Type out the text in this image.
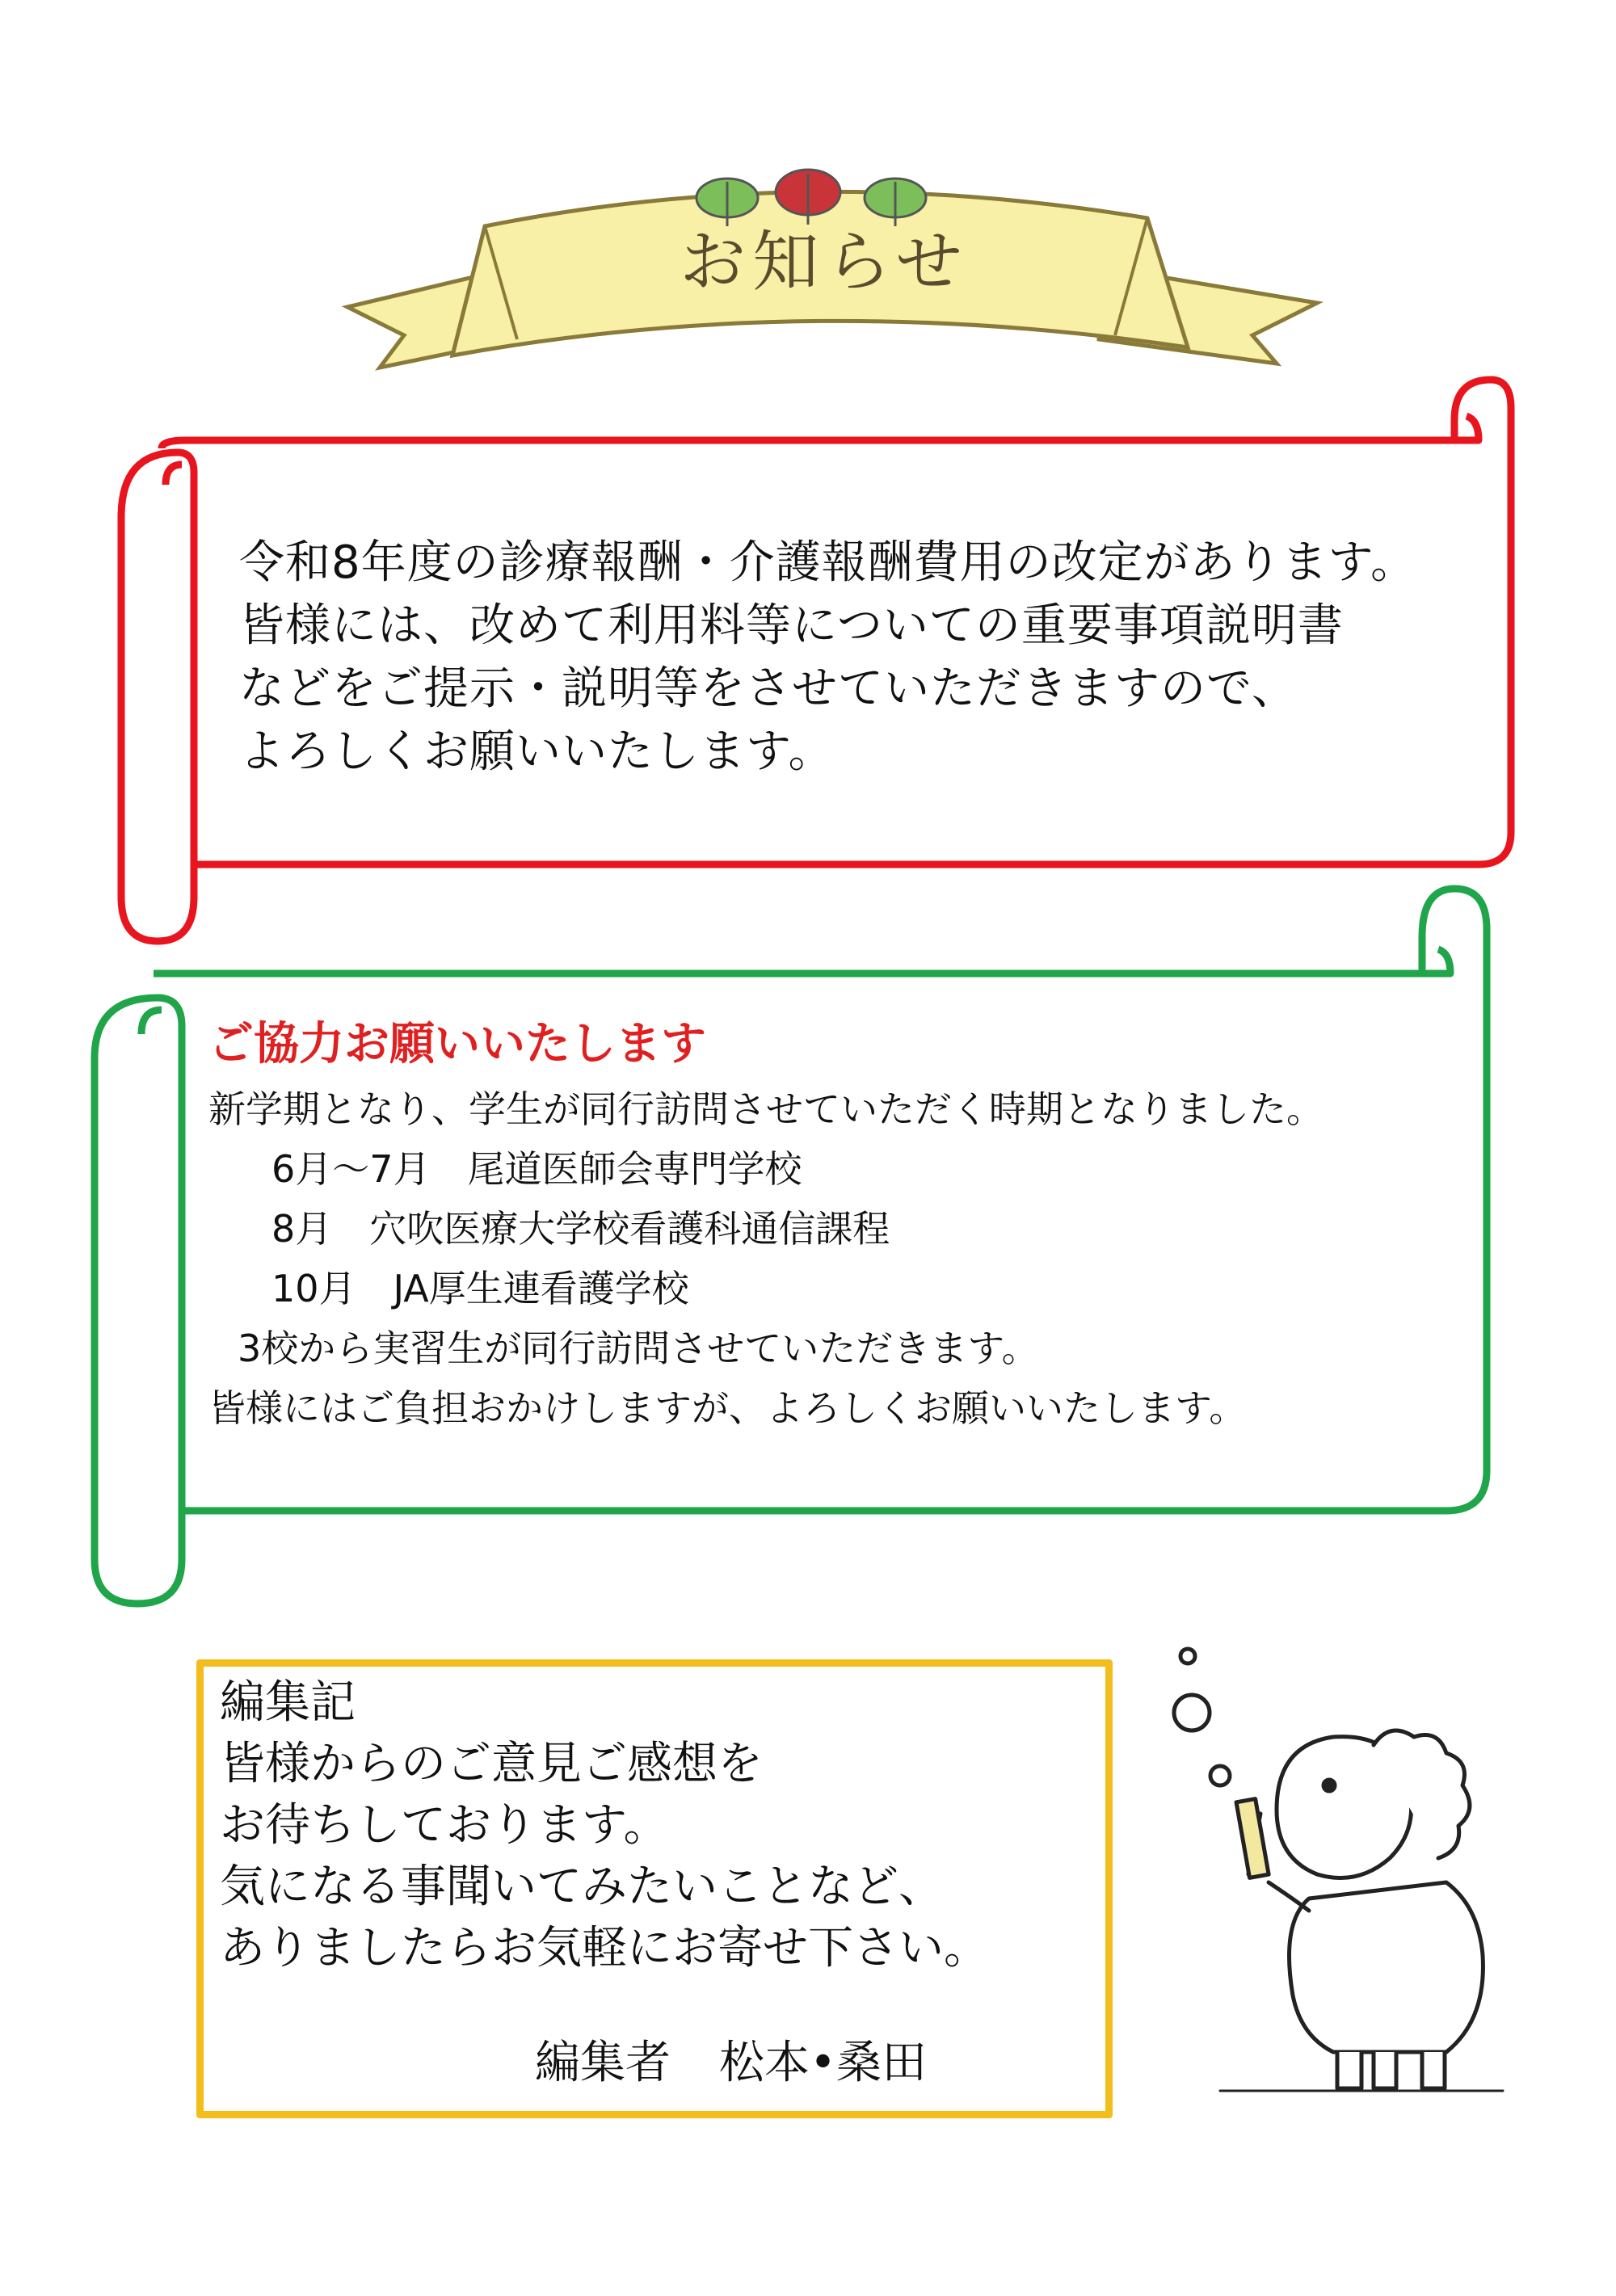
お知らせ
令和8年度の診療報酬・介護報酬費用の改定があります。
皆様には、改めて利用料等についての重要事項説明書
などをご提示・説明等をさせていただきますので、
よろしくお願いいたします。
ご協力お願いいたします
新学期となり、学生が同行訪問させていただく時期となりました。
6月～7月　尾道医師会専門学校
8月　穴吹医療大学校看護科通信課程
10月　JA厚生連看護学校
3校から実習生が同行訪問させていただきます。
皆様にはご負担おかけしますが、よろしくお願いいたします。
編集記
皆様からのご意見ご感想を
お待ちしております。
気になる事聞いてみたいことなど、
ありましたらお気軽にお寄せ下さい。
編集者 松本•桑田
